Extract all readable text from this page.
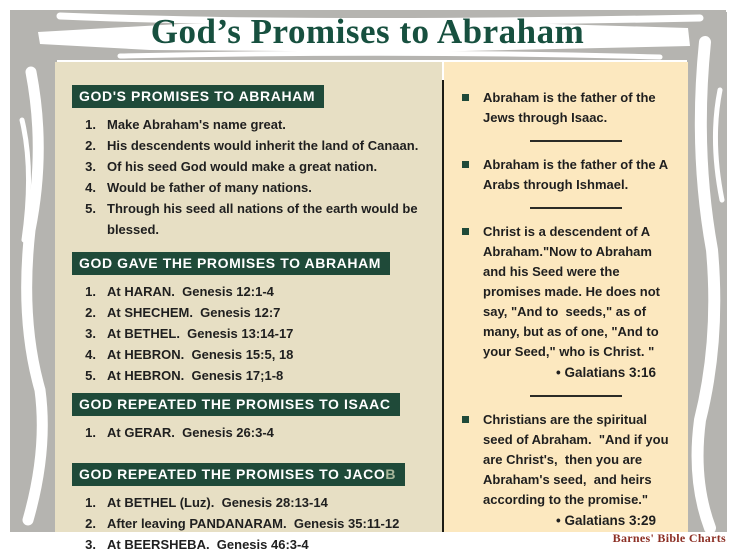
God’s Promises to Abraham
GOD'S PROMISES TO ABRAHAM
1. Make Abraham's name great.
2. His descendents would inherit the land of Canaan.
3. Of his seed God would make a great nation.
4. Would be father of many nations.
5. Through his seed all nations of the earth would be blessed.
GOD GAVE THE PROMISES TO ABRAHAM
1. At HARAN.  Genesis 12:1-4
2. At SHECHEM.  Genesis 12:7
3. At BETHEL.  Genesis 13:14-17
4. At HEBRON.  Genesis 15:5, 18
5. At HEBRON.  Genesis 17;1-8
GOD REPEATED THE PROMISES TO ISAAC
1. At GERAR.  Genesis 26:3-4
GOD REPEATED THE PROMISES TO JACOB
1. At BETHEL (Luz).  Genesis 28:13-14
2. After leaving PANDANARAM.  Genesis 35:11-12
3. At BEERSHEBA.  Genesis 46:3-4
Abraham is the father of the Jews through Isaac.
Abraham is the father of the A Arabs through Ishmael.
Christ is a descendent of A Abraham."Now to Abraham and his Seed were the promises made. He does not say, "And to  seeds," as of many, but as of one, "And to your Seed," who is Christ. "
• Galatians 3:16
Christians are the spiritual seed of Abraham.  "And if you are Christ's,  then you are Abraham's seed,  and heirs according to the promise."
• Galatians 3:29
Barnes' Bible Charts
